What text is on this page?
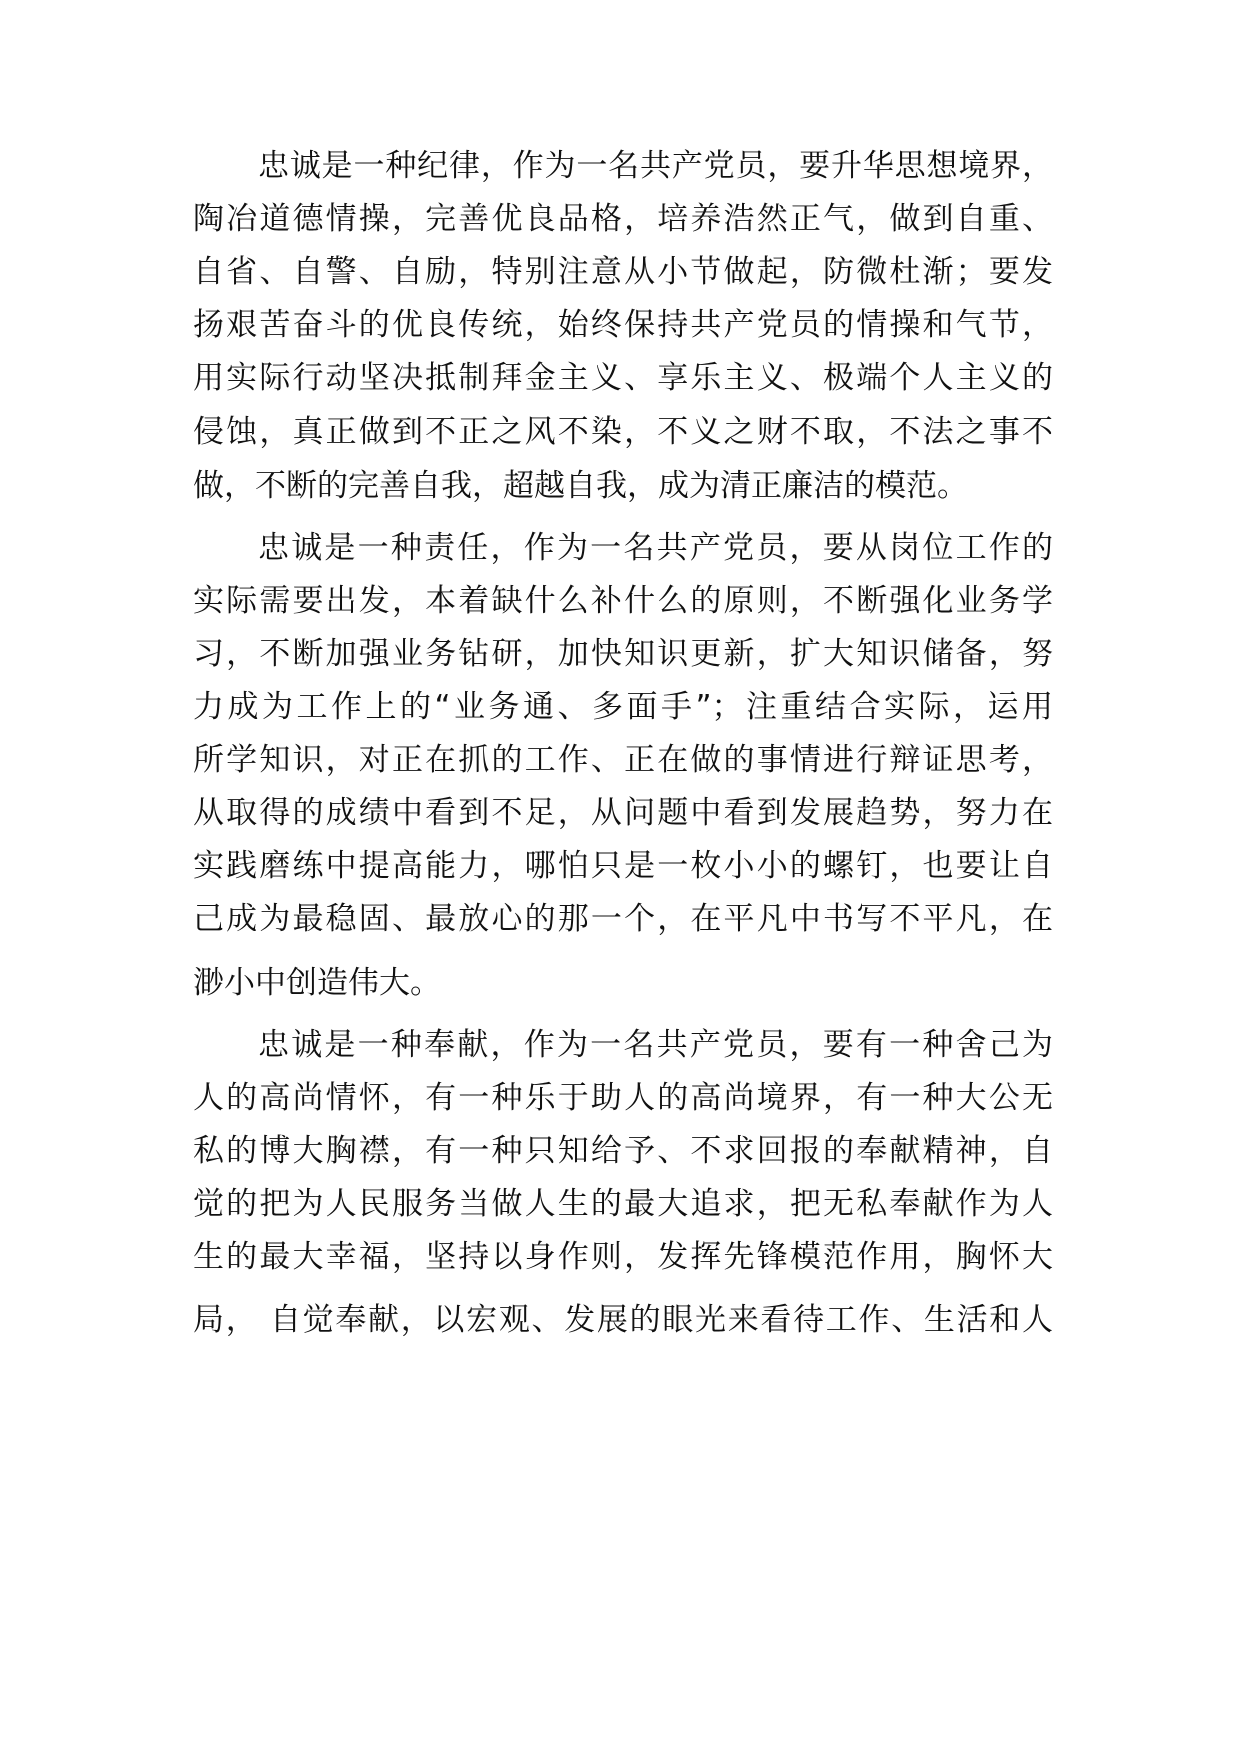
忠诚是一种纪律，作为一名共产党员，要升华思想境界，

陶冶道德情操，完善优良品格，培养浩然正气，做到自重、

自省、自警、自励，特别注意从小节做起，防微杜渐；要发

扬艰苦奋斗的优良传统，始终保持共产党员的情操和气节，

用实际行动坚决抵制拜金主义、享乐主义、极端个人主义的

侵蚀，真正做到不正之风不染，不义之财不取，不法之事不

做，不断的完善自我，超越自我，成为清正廉洁的模范。

忠诚是一种责任，作为一名共产党员，要从岗位工作的

实际需要出发，本着缺什么补什么的原则，不断强化业务学

习，不断加强业务钻研，加快知识更新，扩大知识储备，努

力成为工作上的“业务通、多面手”；注重结合实际，运用

所学知识，对正在抓的工作、正在做的事情进行辩证思考，

从取得的成绩中看到不足，从问题中看到发展趋势，努力在

实践磨练中提高能力，哪怕只是一枚小小的螺钉，也要让自

己成为最稳固、最放心的那一个，在平凡中书写不平凡，在

渺小中创造伟大。

忠诚是一种奉献，作为一名共产党员，要有一种舍己为

人的高尚情怀，有一种乐于助人的高尚境界，有一种大公无

私的博大胸襟，有一种只知给予、不求回报的奉献精神，自

觉的把为人民服务当做人生的最大追求，把无私奉献作为人

生的最大幸福，坚持以身作则，发挥先锋模范作用，胸怀大

局， 自觉奉献，以宏观、发展的眼光来看待工作、生活和人
